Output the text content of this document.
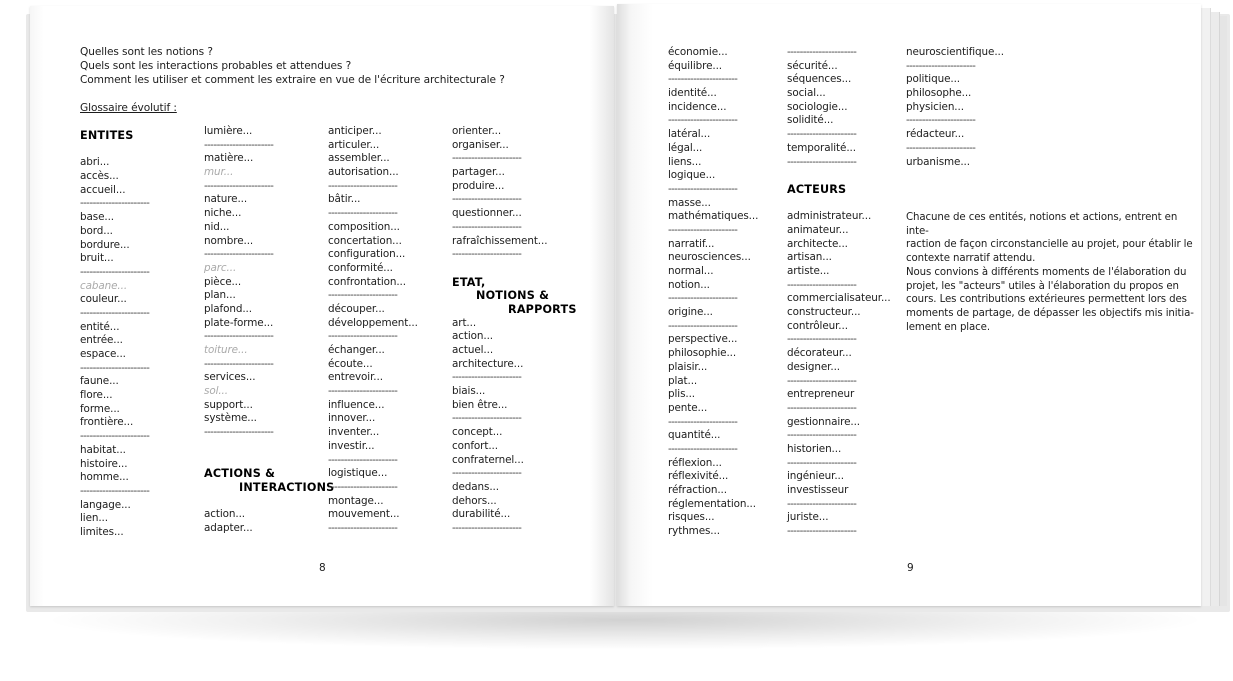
Quelles sont les notions ?
Quels sont les interactions probables et attendues ?
Comment les utiliser et comment les extraire en vue de l'écriture architecturale ?
Glossaire évolutif :
ENTITES
abri...
accès...
accueil...
----------------------
base...
bord...
bordure...
bruit...
----------------------
cabane...
couleur...
----------------------
entité...
entrée...
espace...
----------------------
faune...
flore...
forme...
frontière...
----------------------
habitat...
histoire...
homme...
----------------------
langage...
lien...
limites...
lumière...
----------------------
matière...
mur...
----------------------
nature...
niche...
nid...
nombre...
----------------------
parc...
pièce...
plan...
plafond...
plate-forme...
----------------------
toiture...
----------------------
services...
sol...
support...
système...
----------------------
ACTIONS &
INTERACTIONS
action...
adapter...
anticiper...
articuler...
assembler...
autorisation...
----------------------
bâtir...
----------------------
composition...
concertation...
configuration...
conformité...
confrontation...
----------------------
découper...
développement...
----------------------
échanger...
écoute...
entrevoir...
----------------------
influence...
innover...
inventer...
investir...
----------------------
logistique...
----------------------
montage...
mouvement...
----------------------
orienter...
organiser...
----------------------
partager...
produire...
----------------------
questionner...
----------------------
rafraîchissement...
----------------------
ETAT,
NOTIONS &
RAPPORTS
art...
action...
actuel...
architecture...
----------------------
biais...
bien être...
----------------------
concept...
confort...
confraternel...
----------------------
dedans...
dehors...
durabilité...
----------------------
8
économie...
équilibre...
----------------------
identité...
incidence...
----------------------
latéral...
légal...
liens...
logique...
----------------------
masse...
mathématiques...
----------------------
narratif...
neurosciences...
normal...
notion...
----------------------
origine...
----------------------
perspective...
philosophie...
plaisir...
plat...
plis...
pente...
----------------------
quantité...
----------------------
réflexion...
réflexivité...
réfraction...
réglementation...
risques...
rythmes...
----------------------
sécurité...
séquences...
social...
sociologie...
solidité...
----------------------
temporalité...
----------------------
ACTEURS
administrateur...
animateur...
architecte...
artisan...
artiste...
----------------------
commercialisateur...
constructeur...
contrôleur...
----------------------
décorateur...
designer...
----------------------
entrepreneur
----------------------
gestionnaire...
----------------------
historien...
----------------------
ingénieur...
investisseur
----------------------
juriste...
----------------------
neuroscientifique...
----------------------
politique...
philosophe...
physicien...
----------------------
rédacteur...
----------------------
urbanisme...
Chacune de ces entités, notions et actions, entrent en inte-
raction de façon circonstancielle au projet, pour établir le
contexte narratif attendu.
Nous convions à différents moments de l'élaboration du
projet, les "acteurs" utiles à l'élaboration du propos en
cours. Les contributions extérieures permettent lors des
moments de partage, de dépasser les objectifs mis initia-
lement en place.
9
